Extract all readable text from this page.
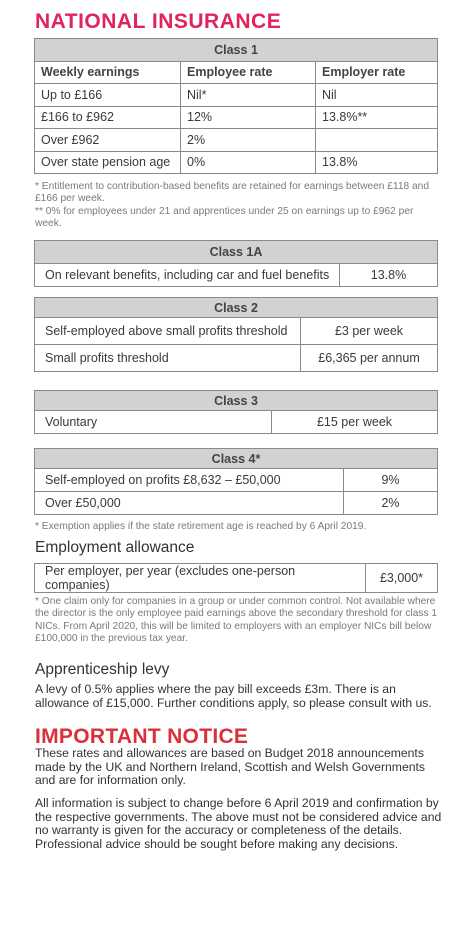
NATIONAL INSURANCE
Class 1		
Weekly earnings	Employee rate	Employer rate
Up to £166	Nil*	Nil
£166 to £962	12%	13.8%**
Over £962	2%	
Over state pension age	0%	13.8%

* Entitlement to contribution-based benefits are retained for earnings between £118 and £166 per week.

** 0% for employees under 21 and apprentices under 25 on earnings up to £962 per week.

Class 1A
On relevant benefits, including car and fuel benefits	13.8%
Class 2	
Self-employed above small profits threshold	£3 per week
Small profits threshold	£6,365 per annum
Class 3
Voluntary	£15 per week
Class 4*	
Self-employed on profits £8,632 – £50,000	9%
Over £50,000	2%
* Exemption applies if the state retirement age is reached by 6 April 2019.
Employment allowance
Per employer, per year (excludes one-person companies)	£3,000*
* One claim only for companies in a group or under common control. Not available where the director is the only employee paid earnings above the secondary threshold for class 1 NICs. From April 2020, this will be limited to employers with an employer NICs bill below £100,000 in the previous tax year.
Apprenticeship levy
A levy of 0.5% applies where the pay bill exceeds £3m. There is an allowance of £15,000. Further conditions apply, so please consult with us.
IMPORTANT NOTICE
These rates and allowances are based on Budget 2018 announcements made by the UK and Northern Ireland, Scottish and Welsh Governments and are for information only.
All information is subject to change before 6 April 2019 and confirmation by the respective governments. The above must not be considered advice and no warranty is given for the accuracy or completeness of the details. Professional advice should be sought before making any decisions.
